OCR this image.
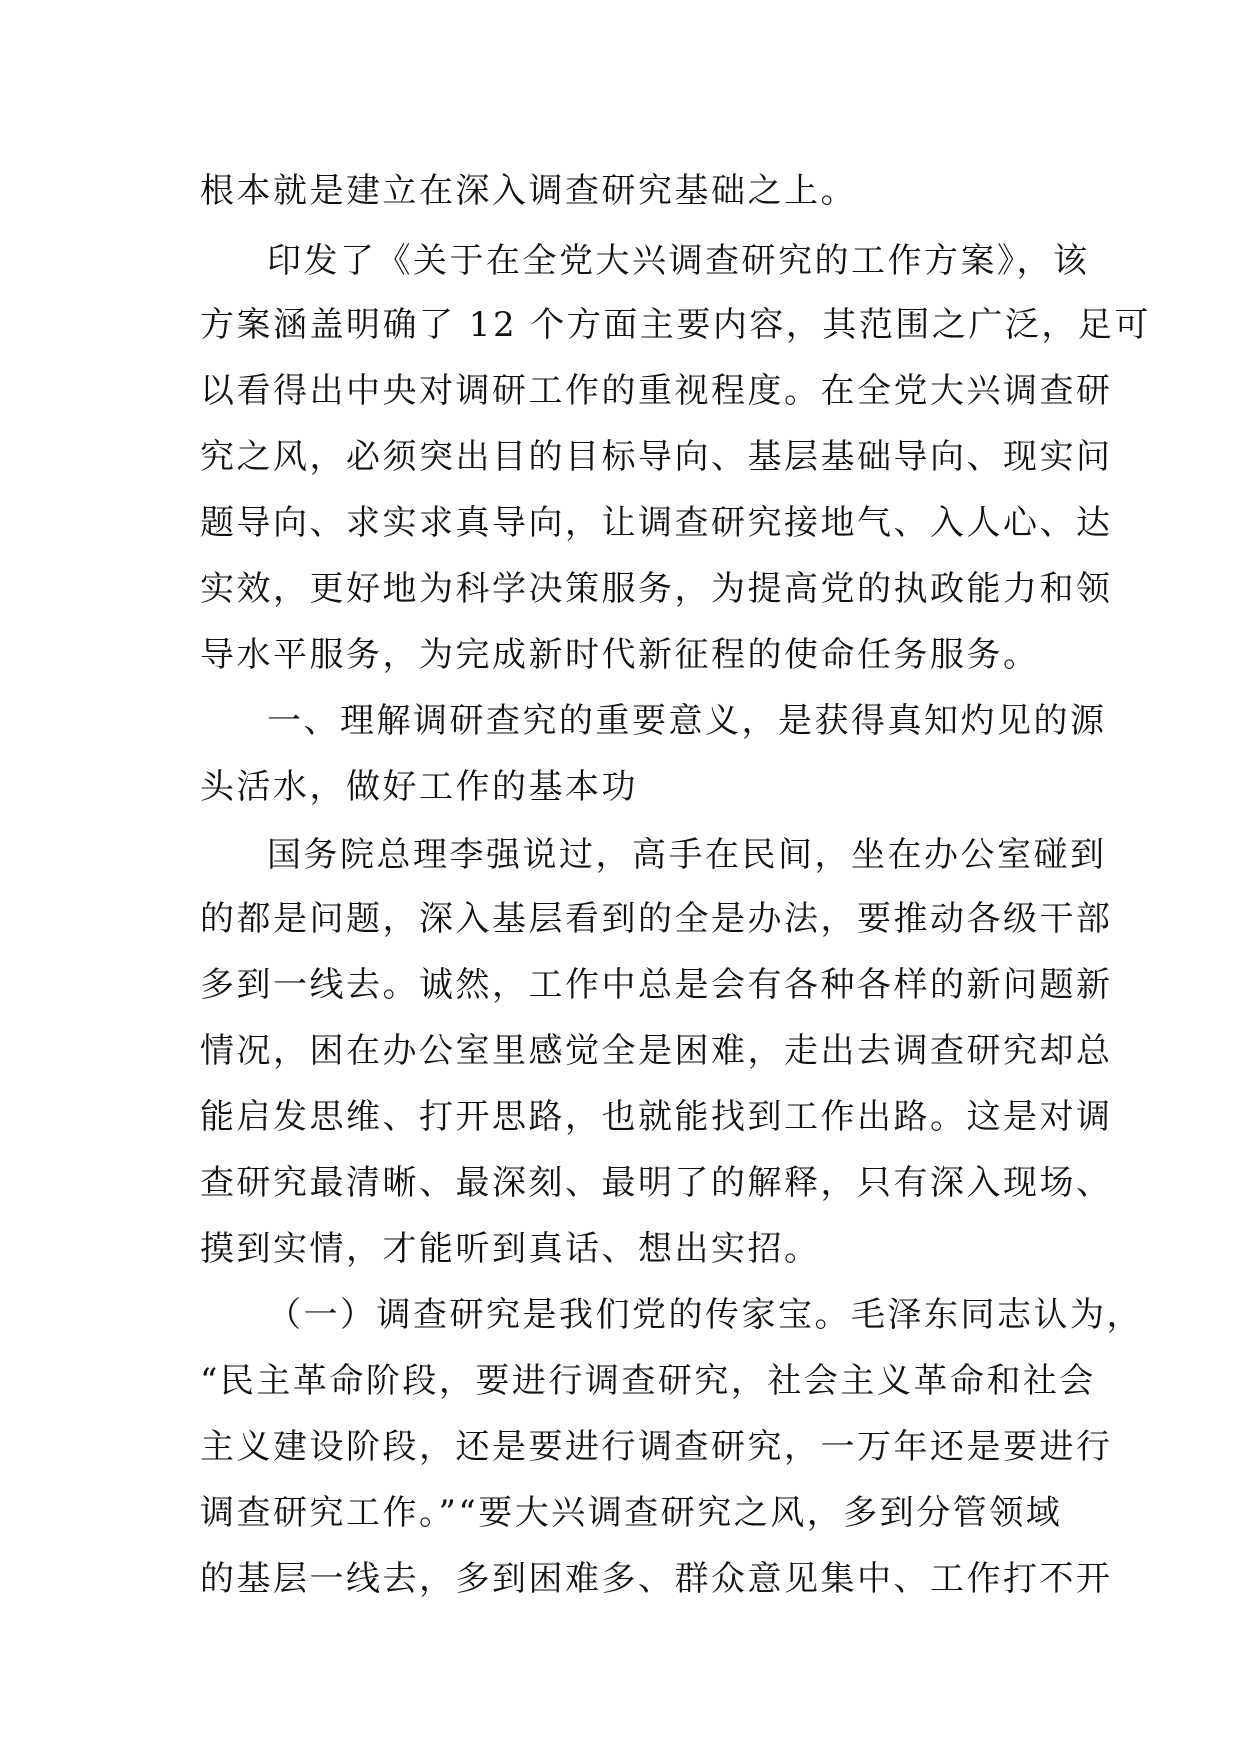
根本就是建立在深入调查研究基础之上。
印发了《关于在全党大兴调查研究的工作方案》，该
方案涵盖明确了 12 个方面主要内容，其范围之广泛，足可
以看得出中央对调研工作的重视程度。在全党大兴调查研
究之风，必须突出目的目标导向、基层基础导向、现实问
题导向、求实求真导向，让调查研究接地气、入人心、达
实效，更好地为科学决策服务，为提高党的执政能力和领
导水平服务，为完成新时代新征程的使命任务服务。
一、理解调研查究的重要意义，是获得真知灼见的源
头活水，做好工作的基本功
国务院总理李强说过，高手在民间，坐在办公室碰到
的都是问题，深入基层看到的全是办法，要推动各级干部
多到一线去。诚然，工作中总是会有各种各样的新问题新
情况，困在办公室里感觉全是困难，走出去调查研究却总
能启发思维、打开思路，也就能找到工作出路。这是对调
查研究最清晰、最深刻、最明了的解释，只有深入现场、
摸到实情，才能听到真话、想出实招。
（一）调查研究是我们党的传家宝。毛泽东同志认为，
“民主革命阶段，要进行调查研究，社会主义革命和社会
主义建设阶段，还是要进行调查研究，一万年还是要进行
调查研究工作。”“要大兴调查研究之风，多到分管领域
的基层一线去，多到困难多、群众意见集中、工作打不开
